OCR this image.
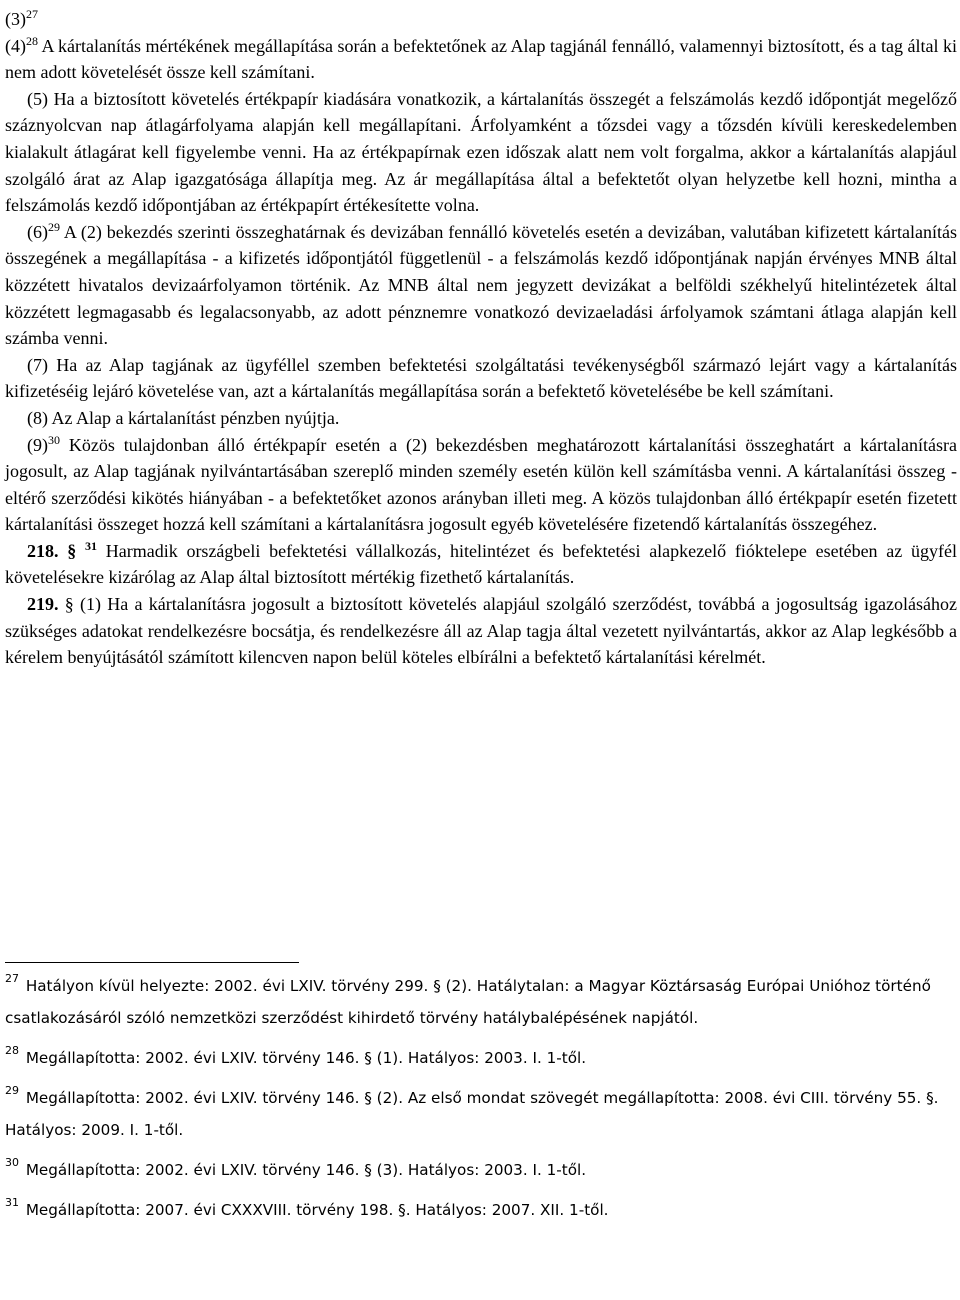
$(3)^{27}$

$(4)^{28}$ A kártalanítás mértékének megállapítása során a befektetőnek az Alap tagjánál fennálló, valamennyi biztosított, és a tag által ki nem adott követelését össze kell számítani.

(5) Ha a biztosított követelés értékpapír kiadására vonatkozik, a kártalanítás összegét a felszámolás kezdő időpontját megelőző száznyolcvan nap átlagárfolyama alapján kell megállapítani. Árfolyamként a tőzsdei vagy a tőzsdén kívüli kereskedelemben kialakult átlagárat kell figyelembe venni. Ha az értékpapírnak ezen időszak alatt nem volt forgalma, akkor a kártalanítás alapjául szolgáló árat az Alap igazgatósága állapítja meg. Az ár megállapítása által a befektetőt olyan helyzetbe kell hozni, mintha a felszámolás kezdő időpontjában az értékpapírt értékesítette volna.

$(6)^{29}$ A (2) bekezdés szerinti összeghatárnak és devizában fennálló követelés esetén a devizában, valutában kifizetett kártalanítás összegének a megállapítása - a kifizetés időpontjától függetlenül - a felszámolás kezdő időpontjának napján érvényes MNB által közzétett hivatalos devizaárfolyamon történik. Az MNB által nem jegyzett devizákat a belföldi székhelyű hitelintézetek által közzétett legmagasabb és legalacsonyabb, az adott pénznemre vonatkozó devizaeladási árfolyamok számtani átlaga alapján kell számba venni.

(7) Ha az Alap tagjának az ügyféllel szemben befektetési szolgáltatási tevékenységből származó lejárt vagy a kártalanítás kifizetéséig lejáró követelése van, azt a kártalanítás megállapítása során a befektető követelésébe be kell számítani.

(8) Az Alap a kártalanítást pénzben nyújtja.

$(9)^{30}$ Közös tulajdonban álló értékpapír esetén a (2) bekezdésben meghatározott kártalanítási összeghatárt a kártalanításra jogosult, az Alap tagjának nyilvántartásában szereplő minden személy esetén külön kell számításba venni. A kártalanítási összeg - eltérő szerződési kikötés hiányában - a befektetőket azonos arányban illeti meg. A közös tulajdonban álló értékpapír esetén fizetett kártalanítási összeget hozzá kell számítani a kártalanításra jogosult egyéb követelésére fizetendő kártalanítás összegéhez.

218. § $^{31}$ Harmadik országbeli befektetési vállalkozás, hitelintézet és befektetési alapkezelő fióktelepe esetében az ügyfél követelésekre kizárólag az Alap által biztosított mértékig fizethető kártalanítás.

219. § (1) Ha a kártalanításra jogosult a biztosított követelés alapjául szolgáló szerződést, továbbá a jogosultság igazolásához szükséges adatokat rendelkezésre bocsátja, és rendelkezésre áll az Alap tagja által vezetett nyilvántartás, akkor az Alap legkésőbb a kérelem benyújtásától számított kilencven napon belül köteles elbírálni a befektető kártalanítási kérelmét.

$^{27}$ Hatályon kívül helyezte: 2002. évi LXIV. törvény 299. § (2). Hatálytalan: a Magyar Köztársaság Európai Unióhoz történő csatlakozásáról szóló nemzetközi szerződést kihirdető törvény hatálybalépésének napjától.

$^{28}$ Megállapította: 2002. évi LXIV. törvény 146. § (1). Hatályos: 2003. I. 1-től.

$^{29}$ Megállapította: 2002. évi LXIV. törvény 146. § (2). Az első mondat szövegét megállapította: 2008. évi CIII. törvény 55. §. Hatályos: 2009. I. 1-től.

$^{30}$ Megállapította: 2002. évi LXIV. törvény 146. § (3). Hatályos: 2003. I. 1-től.

$^{31}$ Megállapította: 2007. évi CXXXVIII. törvény 198. §. Hatályos: 2007. XII. 1-től.
